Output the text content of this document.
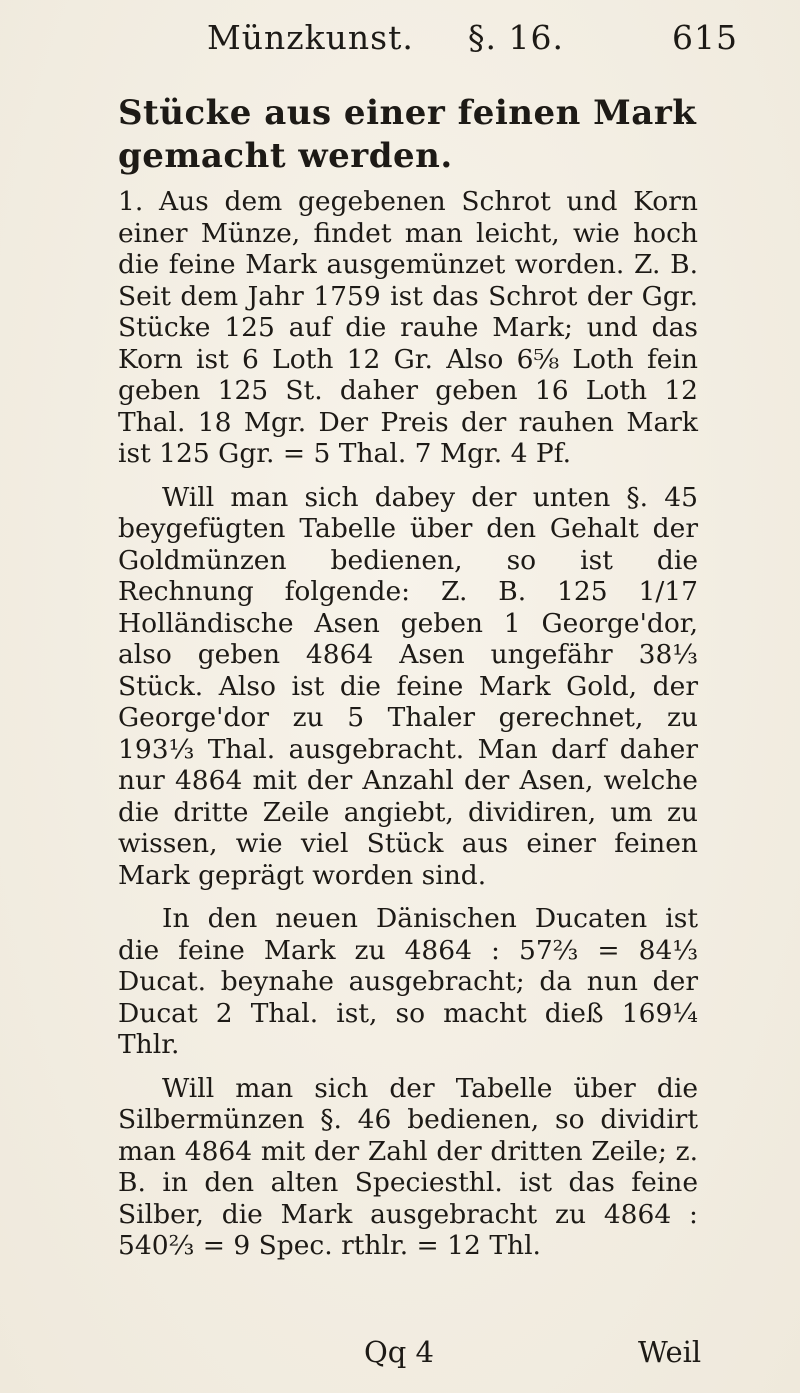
Münzkunst. §. 16.	615
Stücke aus einer feinen Mark gemacht werden.

1. Aus dem gegebenen Schrot und Korn einer Münze, findet man leicht, wie hoch die feine Mark ausgemünzet worden. Z. B. Seit dem Jahr 1759 ist das Schrot der Ggr. Stücke 125 auf die rauhe Mark; und das Korn ist 6 Loth 12 Gr. Also 6⅝ Loth fein geben 125 St. daher geben 16 Loth 12 Thal. 18 Mgr. Der Preis der rauhen Mark ist 125 Ggr. = 5 Thal. 7 Mgr. 4 Pf.

Will man sich dabey der unten §. 45 beygefügten Tabelle über den Gehalt der Goldmünzen bedienen, so ist die Rechnung folgende: Z. B. 125 1/17 Holländische Asen geben 1 George'dor, also geben 4864 Asen ungefähr 38⅓ Stück. Also ist die feine Mark Gold, der George'dor zu 5 Thaler gerechnet, zu 193⅓ Thal. ausgebracht. Man darf daher nur 4864 mit der Anzahl der Asen, welche die dritte Zeile angiebt, dividiren, um zu wissen, wie viel Stück aus einer feinen Mark geprägt worden sind.

In den neuen Dänischen Ducaten ist die feine Mark zu 4864 : 57⅔ = 84⅓ Ducat. beynahe ausgebracht; da nun der Ducat 2 Thal. ist, so macht dieß 169¼ Thlr.

Will man sich der Tabelle über die Silbermünzen §. 46 bedienen, so dividirt man 4864 mit der Zahl der dritten Zeile; z. B. in den alten Speciesthl. ist das feine Silber, die Mark ausgebracht zu 4864 : 540⅔ = 9 Spec. rthlr. = 12 Thl.

Qq 4	Weil
